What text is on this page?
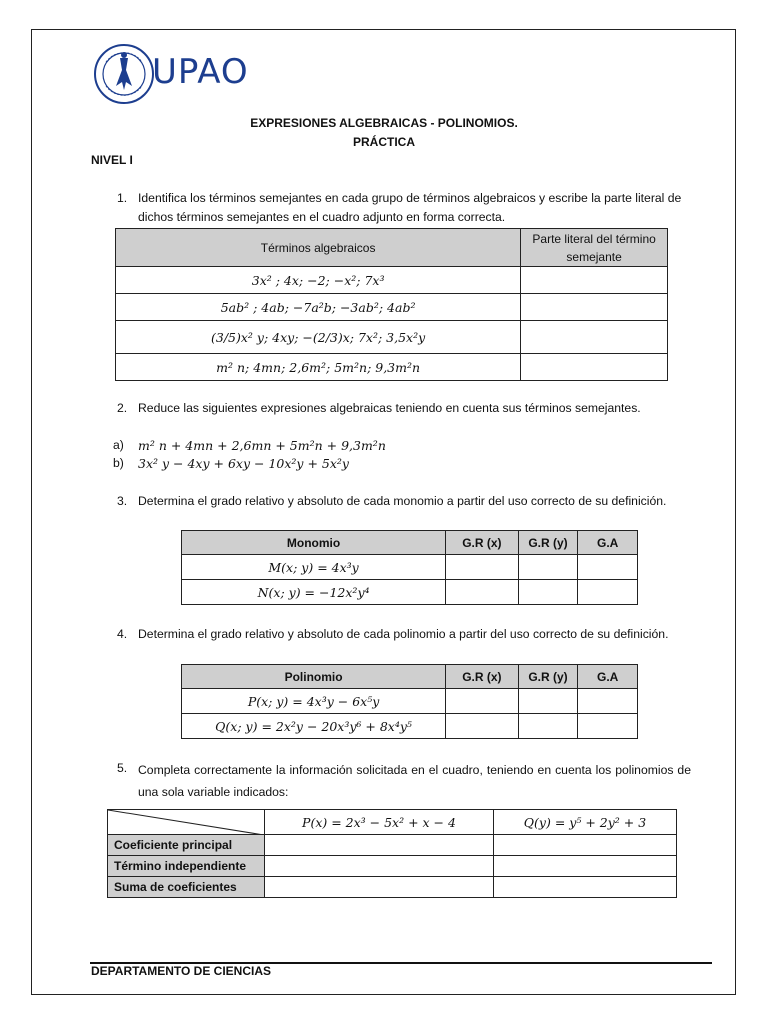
UPAO
EXPRESIONES ALGEBRAICAS - POLINOMIOS.
PRÁCTICA
NIVEL I
1. Identifica los términos semejantes en cada grupo de términos algebraicos y escribe la parte literal de dichos términos semejantes en el cuadro adjunto en forma correcta.
Términos algebraicos	Parte literal del término semejante
3x² ; 4x; −2; −x²; 7x³	
5ab² ; 4ab; −7a²b; −3ab²; 4ab²	
(3/5)x² y; 4xy; −(2/3)x; 7x²; 3,5x²y	
m² n; 4mn; 2,6m²; 5m²n; 9,3m²n	
2. Reduce las siguientes expresiones algebraicas teniendo en cuenta sus términos semejantes.
a) m² n + 4mn + 2,6mn + 5m²n + 9,3m²n
b) 3x² y − 4xy + 6xy − 10x²y + 5x²y
3. Determina el grado relativo y absoluto de cada monomio a partir del uso correcto de su definición.
Monomio	G.R (x)	G.R (y)	G.A
M(x; y) = 4x³y			
N(x; y) = −12x²y⁴			
4. Determina el grado relativo y absoluto de cada polinomio a partir del uso correcto de su definición.
Polinomio	G.R (x)	G.R (y)	G.A
P(x; y) = 4x³y − 6x⁵y			
Q(x; y) = 2x²y − 20x³y⁶ + 8x⁴y⁵			
5. Completa correctamente la información solicitada en el cuadro, teniendo en cuenta los polinomios de una sola variable indicados:
	P(x) = 2x³ − 5x² + x − 4	Q(y) = y⁵ + 2y² + 3
Coeficiente principal		
Término independiente		
Suma de coeficientes		
DEPARTAMENTO DE CIENCIAS
